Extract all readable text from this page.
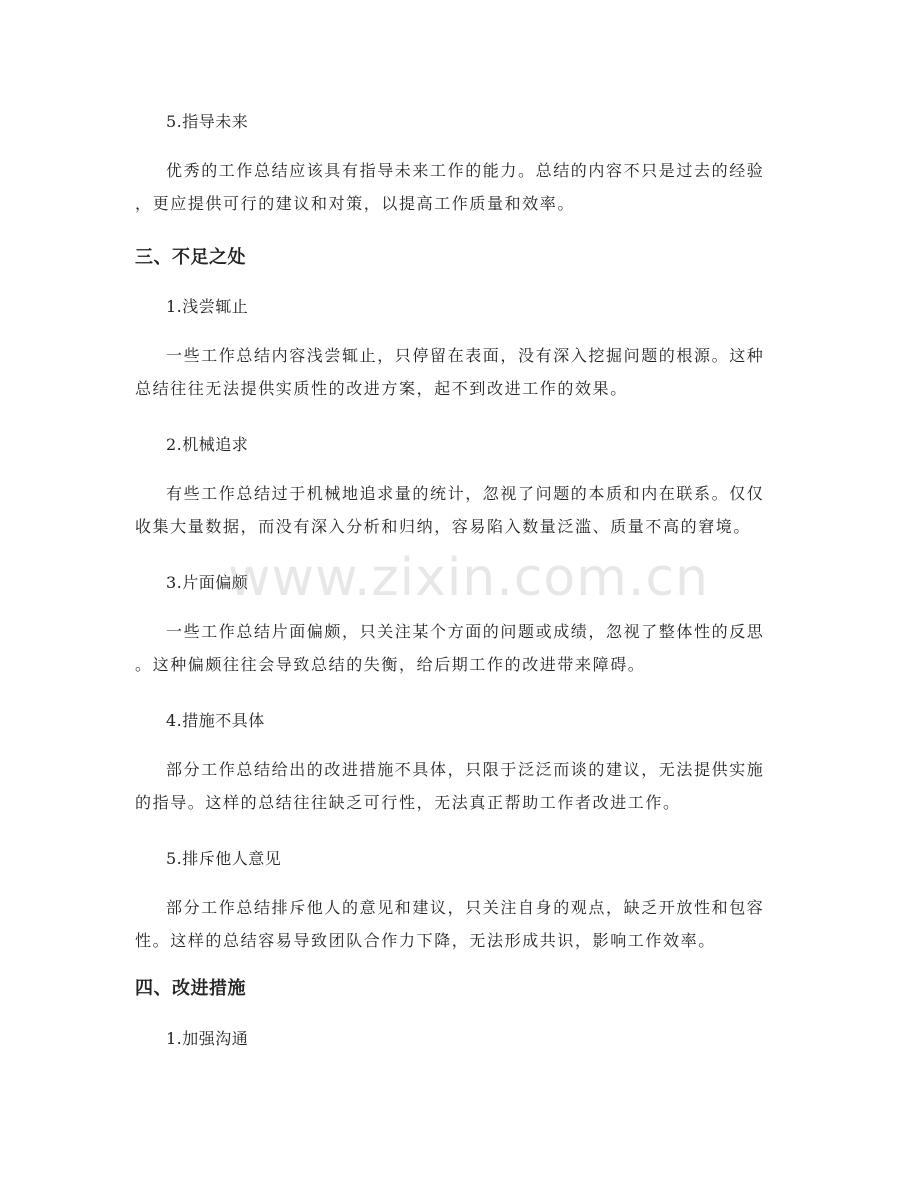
5.指导未来
优秀的工作总结应该具有指导未来工作的能力。总结的内容不只是过去的经验
，更应提供可行的建议和对策，以提高工作质量和效率。
三、不足之处
1.浅尝辄止
一些工作总结内容浅尝辄止，只停留在表面，没有深入挖掘问题的根源。这种
总结往往无法提供实质性的改进方案，起不到改进工作的效果。
2.机械追求
有些工作总结过于机械地追求量的统计，忽视了问题的本质和内在联系。仅仅
收集大量数据，而没有深入分析和归纳，容易陷入数量泛滥、质量不高的窘境。
3.片面偏颇
一些工作总结片面偏颇，只关注某个方面的问题或成绩，忽视了整体性的反思
。这种偏颇往往会导致总结的失衡，给后期工作的改进带来障碍。
4.措施不具体
部分工作总结给出的改进措施不具体，只限于泛泛而谈的建议，无法提供实施
的指导。这样的总结往往缺乏可行性，无法真正帮助工作者改进工作。
5.排斥他人意见
部分工作总结排斥他人的意见和建议，只关注自身的观点，缺乏开放性和包容
性。这样的总结容易导致团队合作力下降，无法形成共识，影响工作效率。
四、改进措施
1.加强沟通
www.zixin.com.cn
